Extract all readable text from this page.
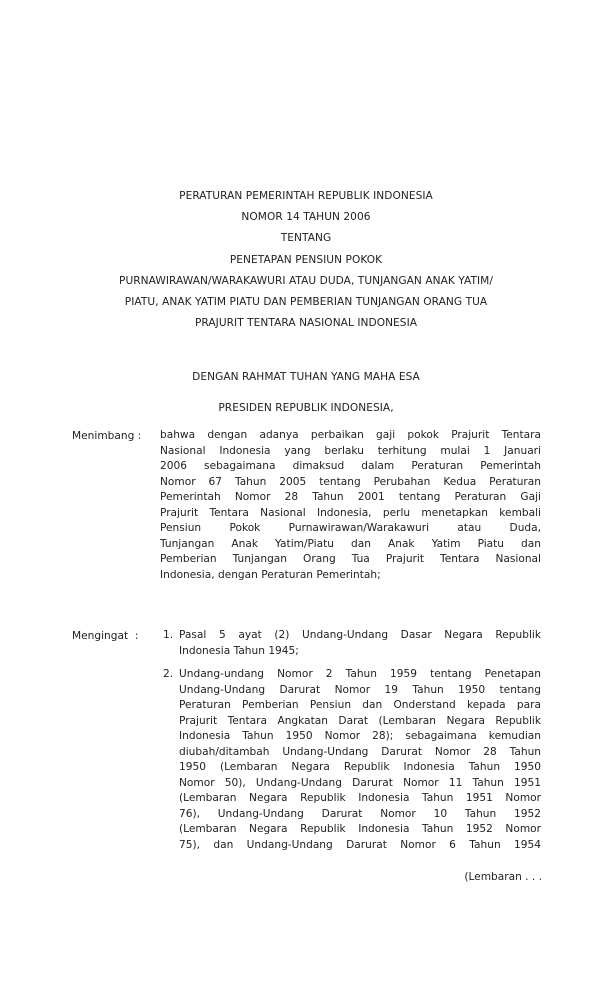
PERATURAN PEMERINTAH REPUBLIK INDONESIA
NOMOR 14 TAHUN 2006
TENTANG
PENETAPAN PENSIUN POKOK
PURNAWIRAWAN/WARAKAWURI ATAU DUDA, TUNJANGAN ANAK YATIM/
PIATU, ANAK YATIM PIATU DAN PEMBERIAN TUNJANGAN ORANG TUA
PRAJURIT TENTARA NASIONAL INDONESIA
DENGAN RAHMAT TUHAN YANG MAHA ESA
PRESIDEN REPUBLIK INDONESIA,
Menimbang : bahwa dengan adanya perbaikan gaji pokok Prajurit Tentara
Nasional Indonesia yang berlaku terhitung mulai 1 Januari
2006 sebagaimana dimaksud dalam Peraturan Pemerintah
Nomor 67 Tahun 2005 tentang Perubahan Kedua Peraturan
Pemerintah Nomor 28 Tahun 2001 tentang Peraturan Gaji
Prajurit Tentara Nasional Indonesia, perlu menetapkan kembali
Pensiun Pokok Purnawirawan/Warakawuri atau Duda,
Tunjangan Anak Yatim/Piatu dan Anak Yatim Piatu dan
Pemberian Tunjangan Orang Tua Prajurit Tentara Nasional
Indonesia, dengan Peraturan Pemerintah;
Mengingat  : 1. Pasal 5 ayat (2) Undang-Undang Dasar Negara Republik
Indonesia Tahun 1945;
2. Undang-undang Nomor 2 Tahun 1959 tentang Penetapan
Undang-Undang Darurat Nomor 19 Tahun 1950 tentang
Peraturan Pemberian Pensiun dan Onderstand kepada para
Prajurit Tentara Angkatan Darat (Lembaran Negara Republik
Indonesia Tahun 1950 Nomor 28); sebagaimana kemudian
diubah/ditambah Undang-Undang Darurat Nomor 28 Tahun
1950 (Lembaran Negara Republik Indonesia Tahun 1950
Nomor 50), Undang-Undang Darurat Nomor 11 Tahun 1951
(Lembaran Negara Republik Indonesia Tahun 1951 Nomor
76), Undang-Undang Darurat Nomor 10 Tahun 1952
(Lembaran Negara Republik Indonesia Tahun 1952 Nomor
75), dan Undang-Undang Darurat Nomor 6 Tahun 1954
(Lembaran . . .
